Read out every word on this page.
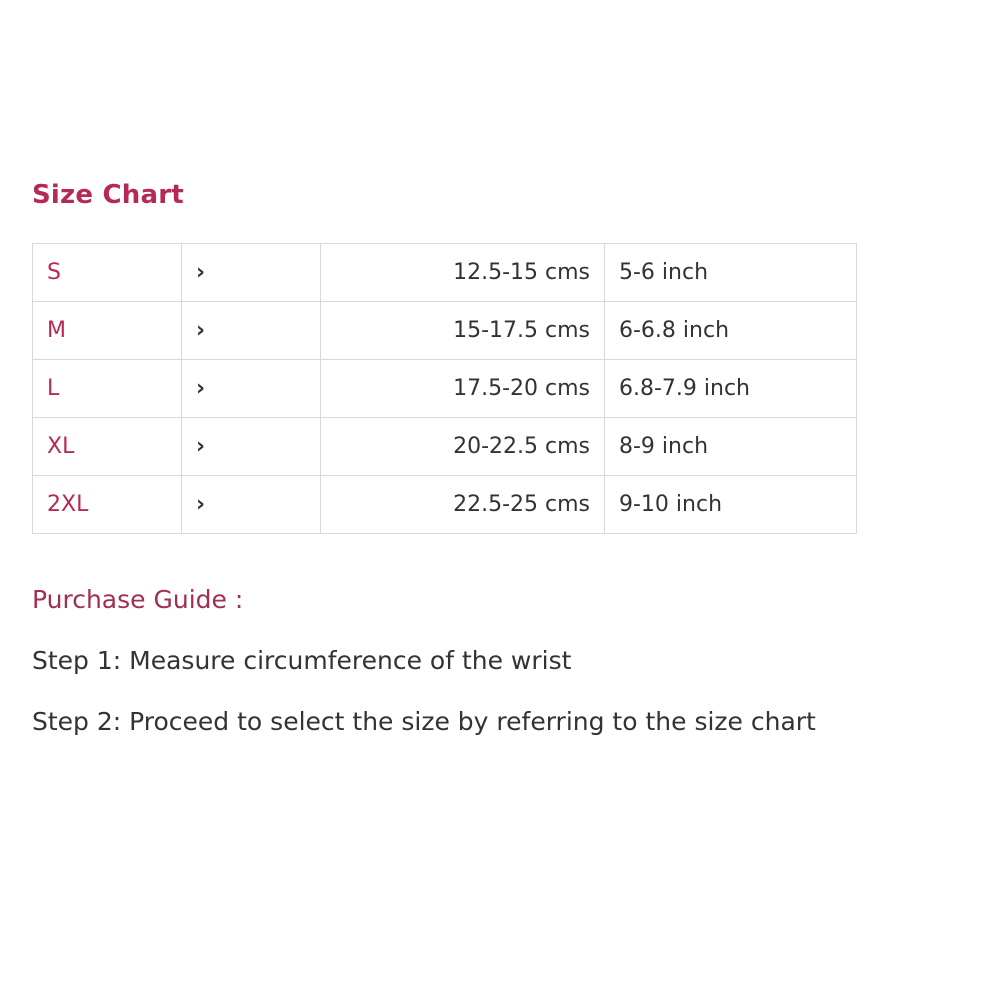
Size Chart
S	›	12.5-15 cms	5-6 inch
M	›	15-17.5 cms	6-6.8 inch
L	›	17.5-20 cms	6.8-7.9 inch
XL	›	20-22.5 cms	8-9 inch
2XL	›	22.5-25 cms	9-10 inch

Purchase Guide :

Step 1: Measure circumference of the wrist

Step 2: Proceed to select the size by referring to the size chart
